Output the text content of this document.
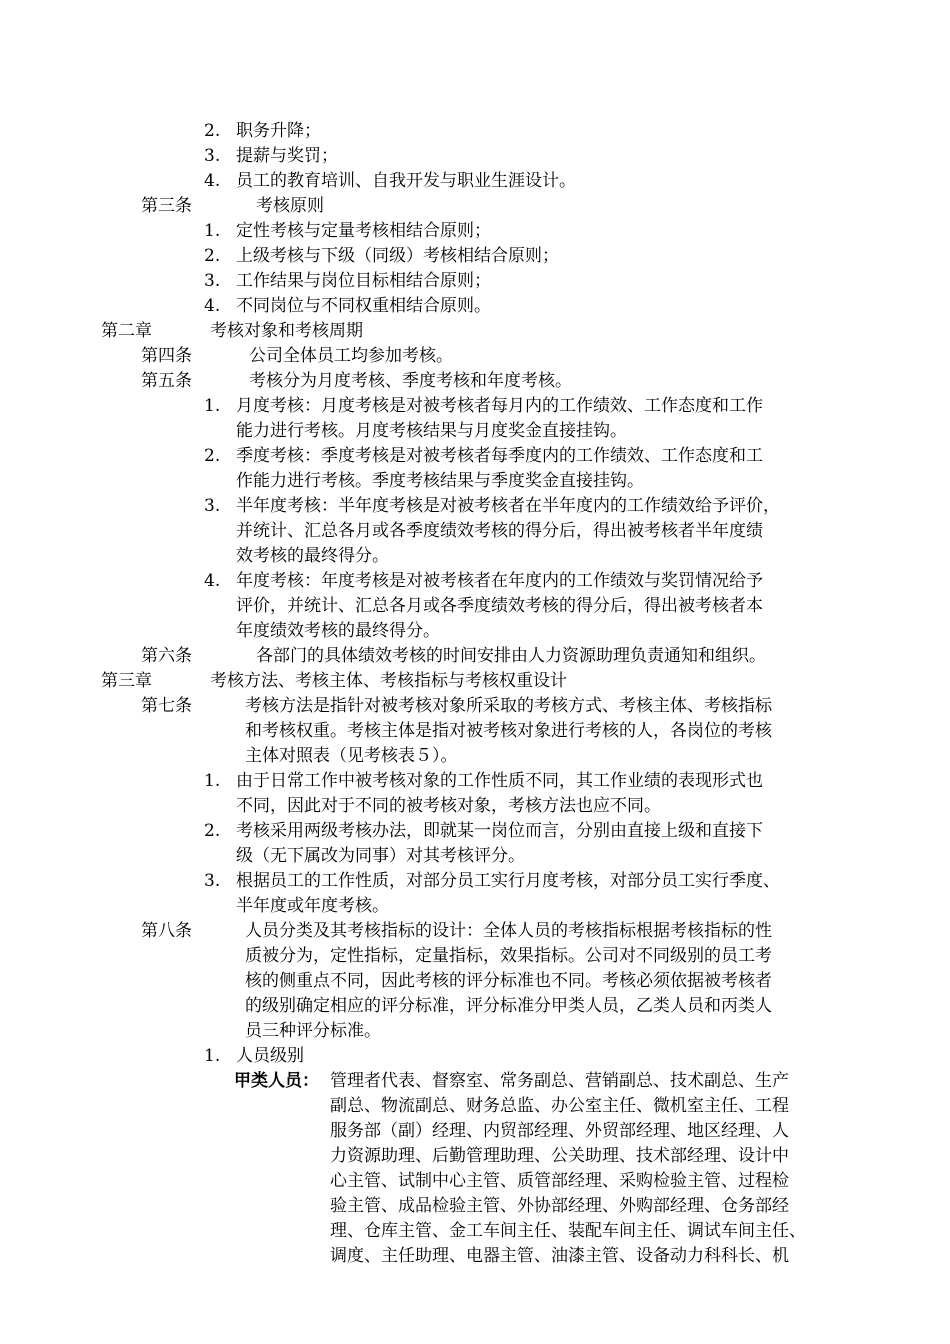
2. 职务升降；
3. 提薪与奖罚；
4. 员工的教育培训、自我开发与职业生涯设计。
第三条	考核原则
1. 定性考核与定量考核相结合原则；
2. 上级考核与下级（同级）考核相结合原则；
3. 工作结果与岗位目标相结合原则；
4. 不同岗位与不同权重相结合原则。
第二章	考核对象和考核周期
第四条	公司全体员工均参加考核。
第五条	考核分为月度考核、季度考核和年度考核。
1. 月度考核：月度考核是对被考核者每月内的工作绩效、工作态度和工作
能力进行考核。月度考核结果与月度奖金直接挂钩。
2. 季度考核：季度考核是对被考核者每季度内的工作绩效、工作态度和工
作能力进行考核。季度考核结果与季度奖金直接挂钩。
3. 半年度考核：半年度考核是对被考核者在半年度内的工作绩效给予评价，
并统计、汇总各月或各季度绩效考核的得分后，得出被考核者半年度绩
效考核的最终得分。
4. 年度考核：年度考核是对被考核者在年度内的工作绩效与奖罚情况给予
评价，并统计、汇总各月或各季度绩效考核的得分后，得出被考核者本
年度绩效考核的最终得分。
第六条	各部门的具体绩效考核的时间安排由人力资源助理负责通知和组织。
第三章	考核方法、考核主体、考核指标与考核权重设计
第七条	考核方法是指针对被考核对象所采取的考核方式、考核主体、考核指标
和考核权重。考核主体是指对被考核对象进行考核的人，各岗位的考核
主体对照表（见考核表５）。
1. 由于日常工作中被考核对象的工作性质不同，其工作业绩的表现形式也
不同，因此对于不同的被考核对象，考核方法也应不同。
2. 考核采用两级考核办法，即就某一岗位而言，分别由直接上级和直接下
级（无下属改为同事）对其考核评分。
3. 根据员工的工作性质，对部分员工实行月度考核，对部分员工实行季度、
半年度或年度考核。
第八条	人员分类及其考核指标的设计：全体人员的考核指标根据考核指标的性
质被分为，定性指标，定量指标，效果指标。公司对不同级别的员工考
核的侧重点不同，因此考核的评分标准也不同。考核必须依据被考核者
的级别确定相应的评分标准，评分标准分甲类人员，乙类人员和丙类人
员三种评分标准。
1. 人员级别
甲类人员： 管理者代表、督察室、常务副总、营销副总、技术副总、生产
副总、物流副总、财务总监、办公室主任、微机室主任、工程
服务部（副）经理、内贸部经理、外贸部经理、地区经理、人
力资源助理、后勤管理助理、公关助理、技术部经理、设计中
心主管、试制中心主管、质管部经理、采购检验主管、过程检
验主管、成品检验主管、外协部经理、外购部经理、仓务部经
理、仓库主管、金工车间主任、装配车间主任、调试车间主任、
调度、主任助理、电器主管、油漆主管、设备动力科科长、机
